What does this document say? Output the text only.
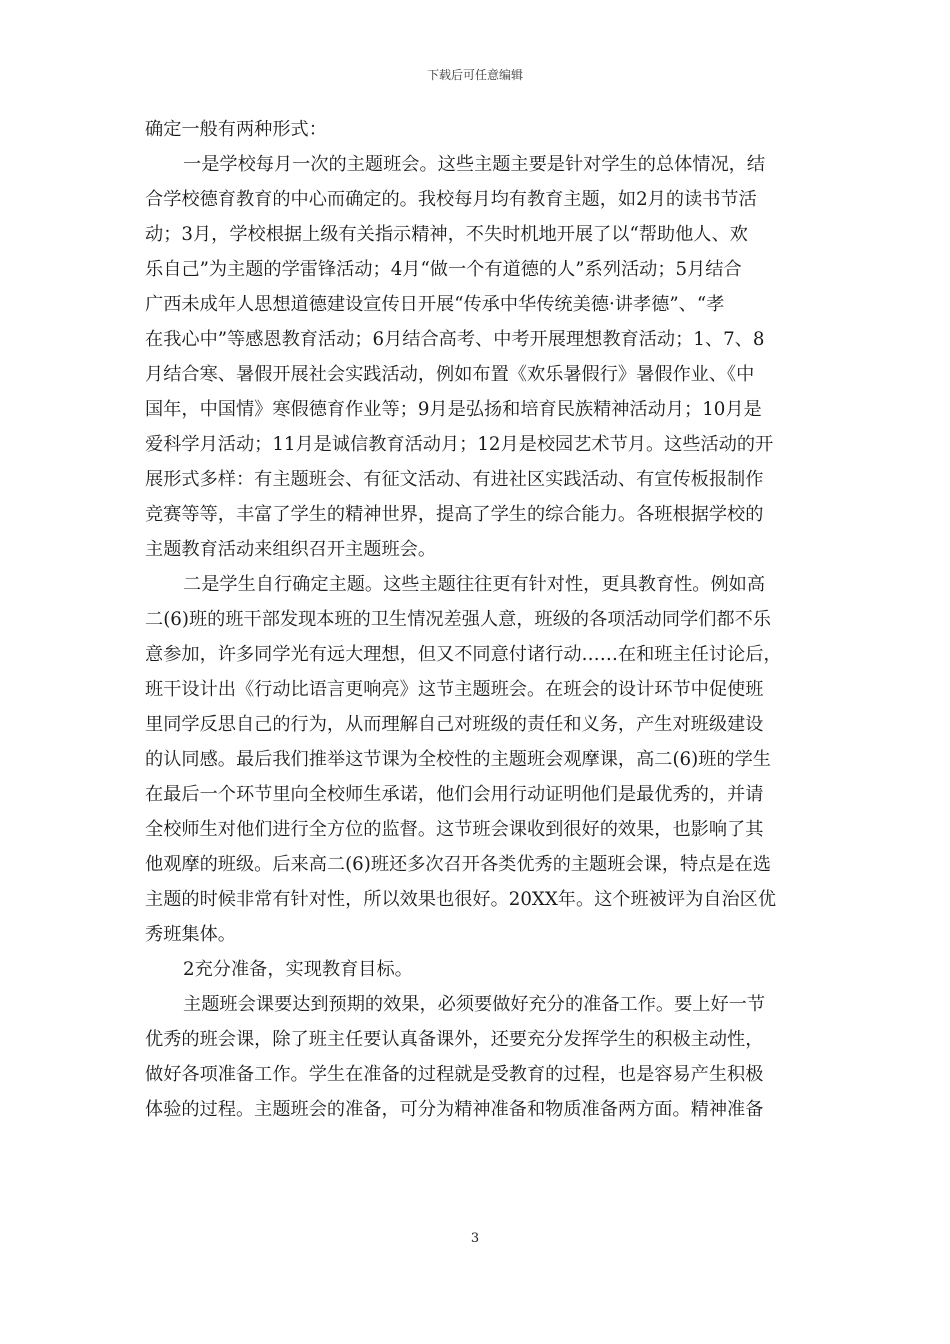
下载后可任意编辑
确定一般有两种形式：
一是学校每月一次的主题班会。这些主题主要是针对学生的总体情况，结
合学校德育教育的中心而确定的。我校每月均有教育主题，如2月的读书节活
动；3月，学校根据上级有关指示精神，不失时机地开展了以“帮助他人、欢
乐自己”为主题的学雷锋活动；4月“做一个有道德的人”系列活动；5月结合
广西未成年人思想道德建设宣传日开展“传承中华传统美德·讲孝德”、“孝
在我心中”等感恩教育活动；6月结合高考、中考开展理想教育活动；1、7、8
月结合寒、暑假开展社会实践活动，例如布置《欢乐暑假行》暑假作业、《中
国年，中国情》寒假德育作业等；9月是弘扬和培育民族精神活动月；10月是
爱科学月活动；11月是诚信教育活动月；12月是校园艺术节月。这些活动的开
展形式多样：有主题班会、有征文活动、有进社区实践活动、有宣传板报制作
竞赛等等，丰富了学生的精神世界，提高了学生的综合能力。各班根据学校的
主题教育活动来组织召开主题班会。
二是学生自行确定主题。这些主题往往更有针对性，更具教育性。例如高
二(6)班的班干部发现本班的卫生情况差强人意，班级的各项活动同学们都不乐
意参加，许多同学光有远大理想，但又不同意付诸行动……在和班主任讨论后，
班干设计出《行动比语言更响亮》这节主题班会。在班会的设计环节中促使班
里同学反思自己的行为，从而理解自己对班级的责任和义务，产生对班级建设
的认同感。最后我们推举这节课为全校性的主题班会观摩课，高二(6)班的学生
在最后一个环节里向全校师生承诺，他们会用行动证明他们是最优秀的，并请
全校师生对他们进行全方位的监督。这节班会课收到很好的效果，也影响了其
他观摩的班级。后来高二(6)班还多次召开各类优秀的主题班会课，特点是在选
主题的时候非常有针对性，所以效果也很好。20XX年。这个班被评为自治区优
秀班集体。
2充分准备，实现教育目标。
主题班会课要达到预期的效果，必须要做好充分的准备工作。要上好一节
优秀的班会课，除了班主任要认真备课外，还要充分发挥学生的积极主动性，
做好各项准备工作。学生在准备的过程就是受教育的过程，也是容易产生积极
体验的过程。主题班会的准备，可分为精神准备和物质准备两方面。精神准备
3
